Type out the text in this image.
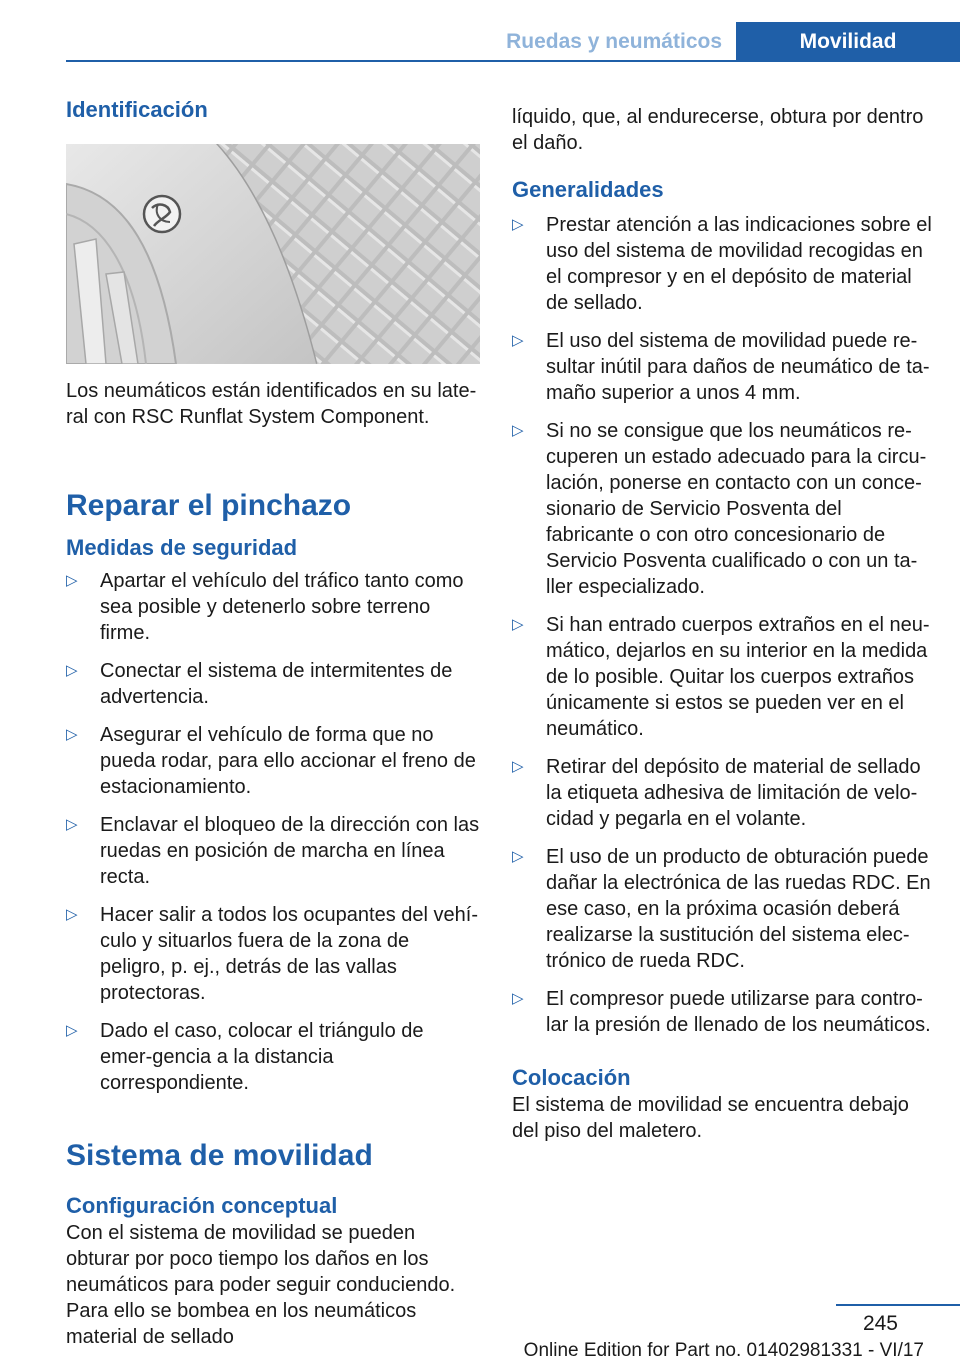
Ruedas y neumáticos	Movilidad
Identificación

Los neumáticos están identificados en su late‐ral con RSC Runflat System Component.

Reparar el pinchazo
Medidas de seguridad
▷ Apartar el vehículo del tráfico tanto como sea posible y detenerlo sobre terreno firme.
▷ Conectar el sistema de intermitentes de advertencia.
▷ Asegurar el vehículo de forma que no pueda rodar, para ello accionar el freno de estacionamiento.
▷ Enclavar el bloqueo de la dirección con las ruedas en posición de marcha en línea recta.
▷ Hacer salir a todos los ocupantes del vehí‐culo y situarlos fuera de la zona de peligro, p. ej., detrás de las vallas protectoras.
▷ Dado el caso, colocar el triángulo de emer‐gencia a la distancia correspondiente.
Sistema de movilidad
Configuración conceptual

Con el sistema de movilidad se pueden obturar por poco tiempo los daños en los neumáticos para poder seguir conduciendo. Para ello se bombea en los neumáticos material de sellado

líquido, que, al endurecerse, obtura por dentro el daño.

Generalidades
▷ Prestar atención a las indicaciones sobre el uso del sistema de movilidad recogidas en el compresor y en el depósito de material de sellado.
▷ El uso del sistema de movilidad puede re‐sultar inútil para daños de neumático de ta‐maño superior a unos 4 mm.
▷ Si no se consigue que los neumáticos re‐cuperen un estado adecuado para la circu‐lación, ponerse en contacto con un conce‐sionario de Servicio Posventa del fabricante o con otro concesionario de Servicio Posventa cualificado o con un ta‐ller especializado.
▷ Si han entrado cuerpos extraños en el neu‐mático, dejarlos en su interior en la medida de lo posible. Quitar los cuerpos extraños únicamente si estos se pueden ver en el neumático.
▷ Retirar del depósito de material de sellado la etiqueta adhesiva de limitación de velo‐cidad y pegarla en el volante.
▷ El uso de un producto de obturación puede dañar la electrónica de las ruedas RDC. En ese caso, en la próxima ocasión deberá realizarse la sustitución del sistema elec‐trónico de rueda RDC.
▷ El compresor puede utilizarse para contro‐lar la presión de llenado de los neumáticos.
Colocación

El sistema de movilidad se encuentra debajo del piso del maletero.

245
Online Edition for Part no. 01402981331 - VI/17
